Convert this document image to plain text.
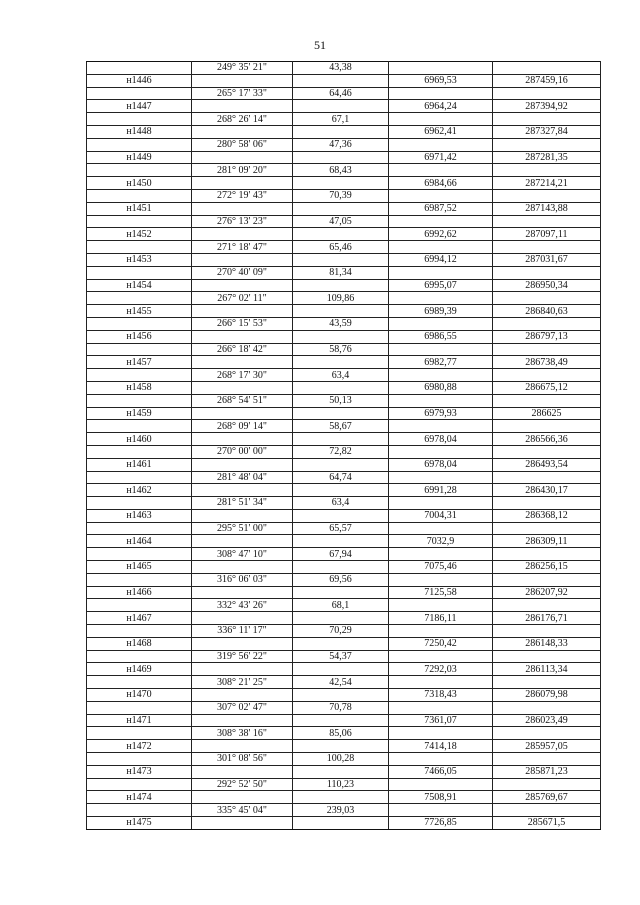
51
	249° 35' 21"	43,38		
н1446			6969,53	287459,16
	265° 17' 33"	64,46		
н1447			6964,24	287394,92
	268° 26' 14"	67,1		
н1448			6962,41	287327,84
	280° 58' 06"	47,36		
н1449			6971,42	287281,35
	281° 09' 20"	68,43		
н1450			6984,66	287214,21
	272° 19' 43"	70,39		
н1451			6987,52	287143,88
	276° 13' 23"	47,05		
н1452			6992,62	287097,11
	271° 18' 47"	65,46		
н1453			6994,12	287031,67
	270° 40' 09"	81,34		
н1454			6995,07	286950,34
	267° 02' 11"	109,86		
н1455			6989,39	286840,63
	266° 15' 53"	43,59		
н1456			6986,55	286797,13
	266° 18' 42"	58,76		
н1457			6982,77	286738,49
	268° 17' 30"	63,4		
н1458			6980,88	286675,12
	268° 54' 51"	50,13		
н1459			6979,93	286625
	268° 09' 14"	58,67		
н1460			6978,04	286566,36
	270° 00' 00"	72,82		
н1461			6978,04	286493,54
	281° 48' 04"	64,74		
н1462			6991,28	286430,17
	281° 51' 34"	63,4		
н1463			7004,31	286368,12
	295° 51' 00"	65,57		
н1464			7032,9	286309,11
	308° 47' 10"	67,94		
н1465			7075,46	286256,15
	316° 06' 03"	69,56		
н1466			7125,58	286207,92
	332° 43' 26"	68,1		
н1467			7186,11	286176,71
	336° 11' 17"	70,29		
н1468			7250,42	286148,33
	319° 56' 22"	54,37		
н1469			7292,03	286113,34
	308° 21' 25"	42,54		
н1470			7318,43	286079,98
	307° 02' 47"	70,78		
н1471			7361,07	286023,49
	308° 38' 16"	85,06		
н1472			7414,18	285957,05
	301° 08' 56"	100,28		
н1473			7466,05	285871,23
	292° 52' 50"	110,23		
н1474			7508,91	285769,67
	335° 45' 04"	239,03		
н1475			7726,85	285671,5
